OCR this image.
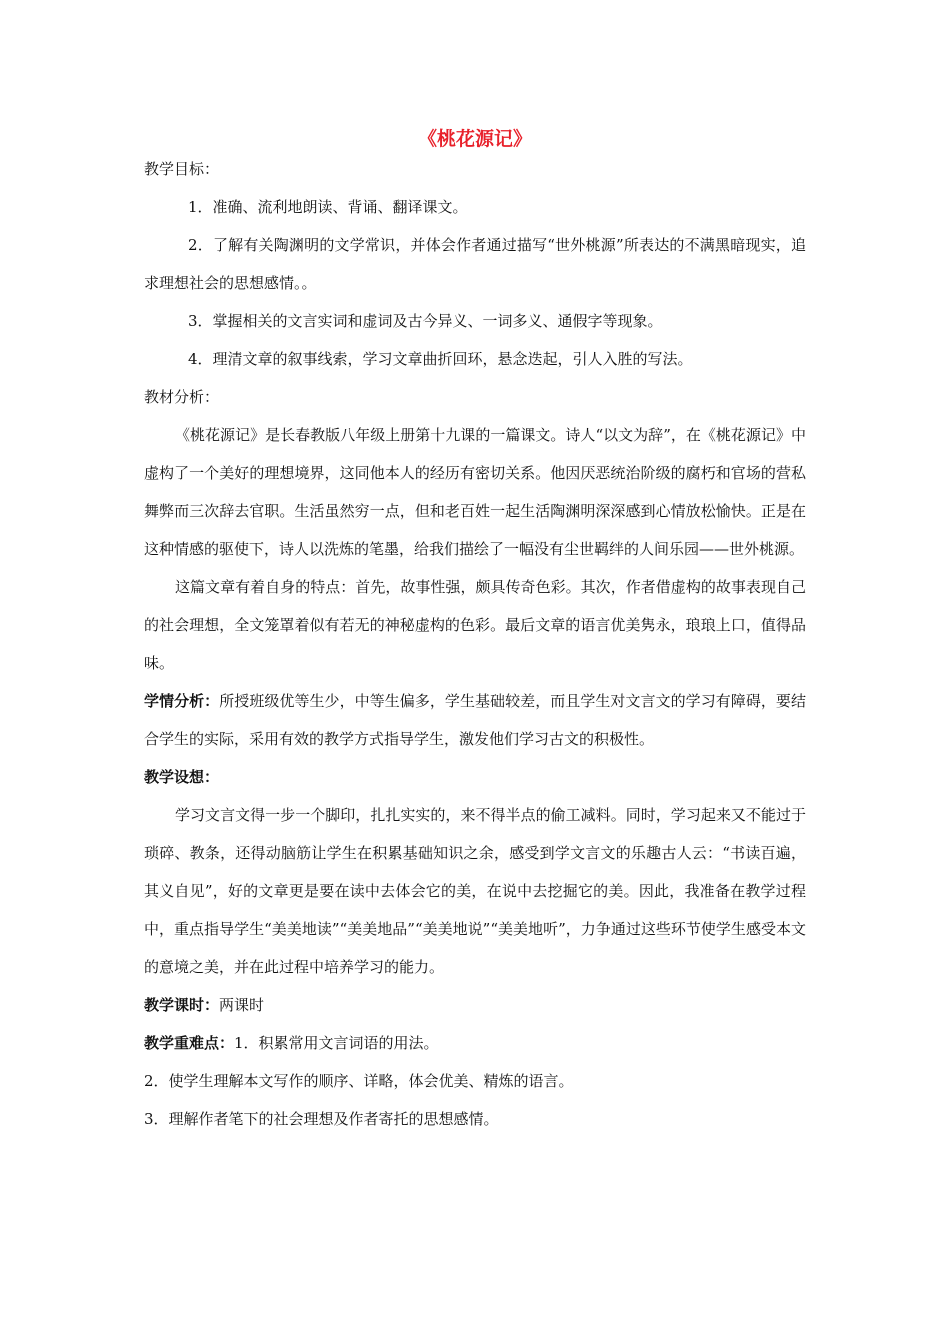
《桃花源记》

教学目标：

1．准确、流利地朗读、背诵、翻译课文。

2．了解有关陶渊明的文学常识，并体会作者通过描写“世外桃源”所表达的不满黑暗现实，追求理想社会的思想感情。。

3．掌握相关的文言实词和虚词及古今异义、一词多义、通假字等现象。

4．理清文章的叙事线索，学习文章曲折回环，悬念迭起，引人入胜的写法。

教材分析：

《桃花源记》是长春教版八年级上册第十九课的一篇课文。诗人“以文为辞”，在《桃花源记》中虚构了一个美好的理想境界，这同他本人的经历有密切关系。他因厌恶统治阶级的腐朽和官场的营私舞弊而三次辞去官职。生活虽然穷一点，但和老百姓一起生活陶渊明深深感到心情放松愉快。正是在这种情感的驱使下，诗人以洗炼的笔墨，给我们描绘了一幅没有尘世羁绊的人间乐园——世外桃源。

这篇文章有着自身的特点：首先，故事性强，颇具传奇色彩。其次，作者借虚构的故事表现自己的社会理想，全文笼罩着似有若无的神秘虚构的色彩。最后文章的语言优美隽永，琅琅上口，值得品味。

学情分析：所授班级优等生少，中等生偏多，学生基础较差，而且学生对文言文的学习有障碍，要结合学生的实际，采用有效的教学方式指导学生，激发他们学习古文的积极性。

教学设想：

学习文言文得一步一个脚印，扎扎实实的，来不得半点的偷工减料。同时，学习起来又不能过于琐碎、教条，还得动脑筋让学生在积累基础知识之余，感受到学文言文的乐趣古人云：“书读百遍，其义自见”，好的文章更是要在读中去体会它的美，在说中去挖掘它的美。因此，我准备在教学过程中，重点指导学生“美美地读”“美美地品”“美美地说”“美美地听”，力争通过这些环节使学生感受本文的意境之美，并在此过程中培养学习的能力。

教学课时：两课时

教学重难点：1．积累常用文言词语的用法。

2．使学生理解本文写作的顺序、详略，体会优美、精炼的语言。

3．理解作者笔下的社会理想及作者寄托的思想感情。
